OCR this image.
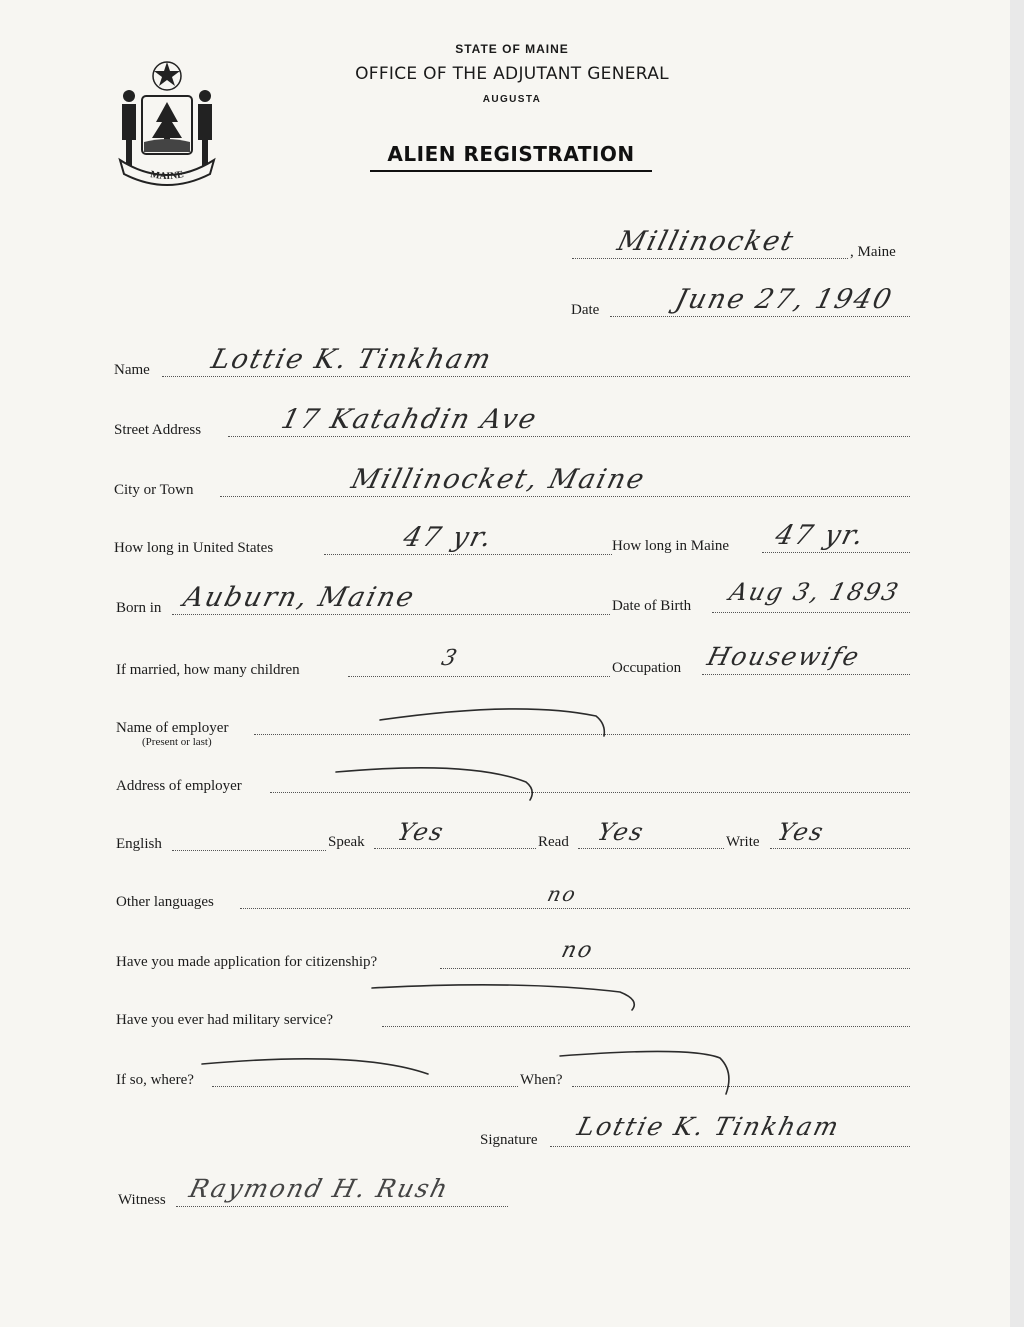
MAINE
STATE OF MAINE
OFFICE OF THE ADJUTANT GENERAL
AUGUSTA
ALIEN REGISTRATION
Millinocket	, Maine
Date	June 27, 1940
Name Lottie K. Tinkham
Street Address	17 Katahdin Ave
City or Town	Millinocket, Maine
How long in United States	47 yr.	How long in Maine 47 yr.
Born in Auburn, Maine	Date of Birth Aug 3, 1893
If married, how many children	3	Occupation Housewife
Name of employer
(Present or last)
Address of employer
English	Speak Yes	Read Yes	Write Yes
Other languages	no
Have you made application for citizenship?	no
Have you ever had military service?
If so, where?	When?
Signature Lottie K. Tinkham
Witness Raymond H. Rush
